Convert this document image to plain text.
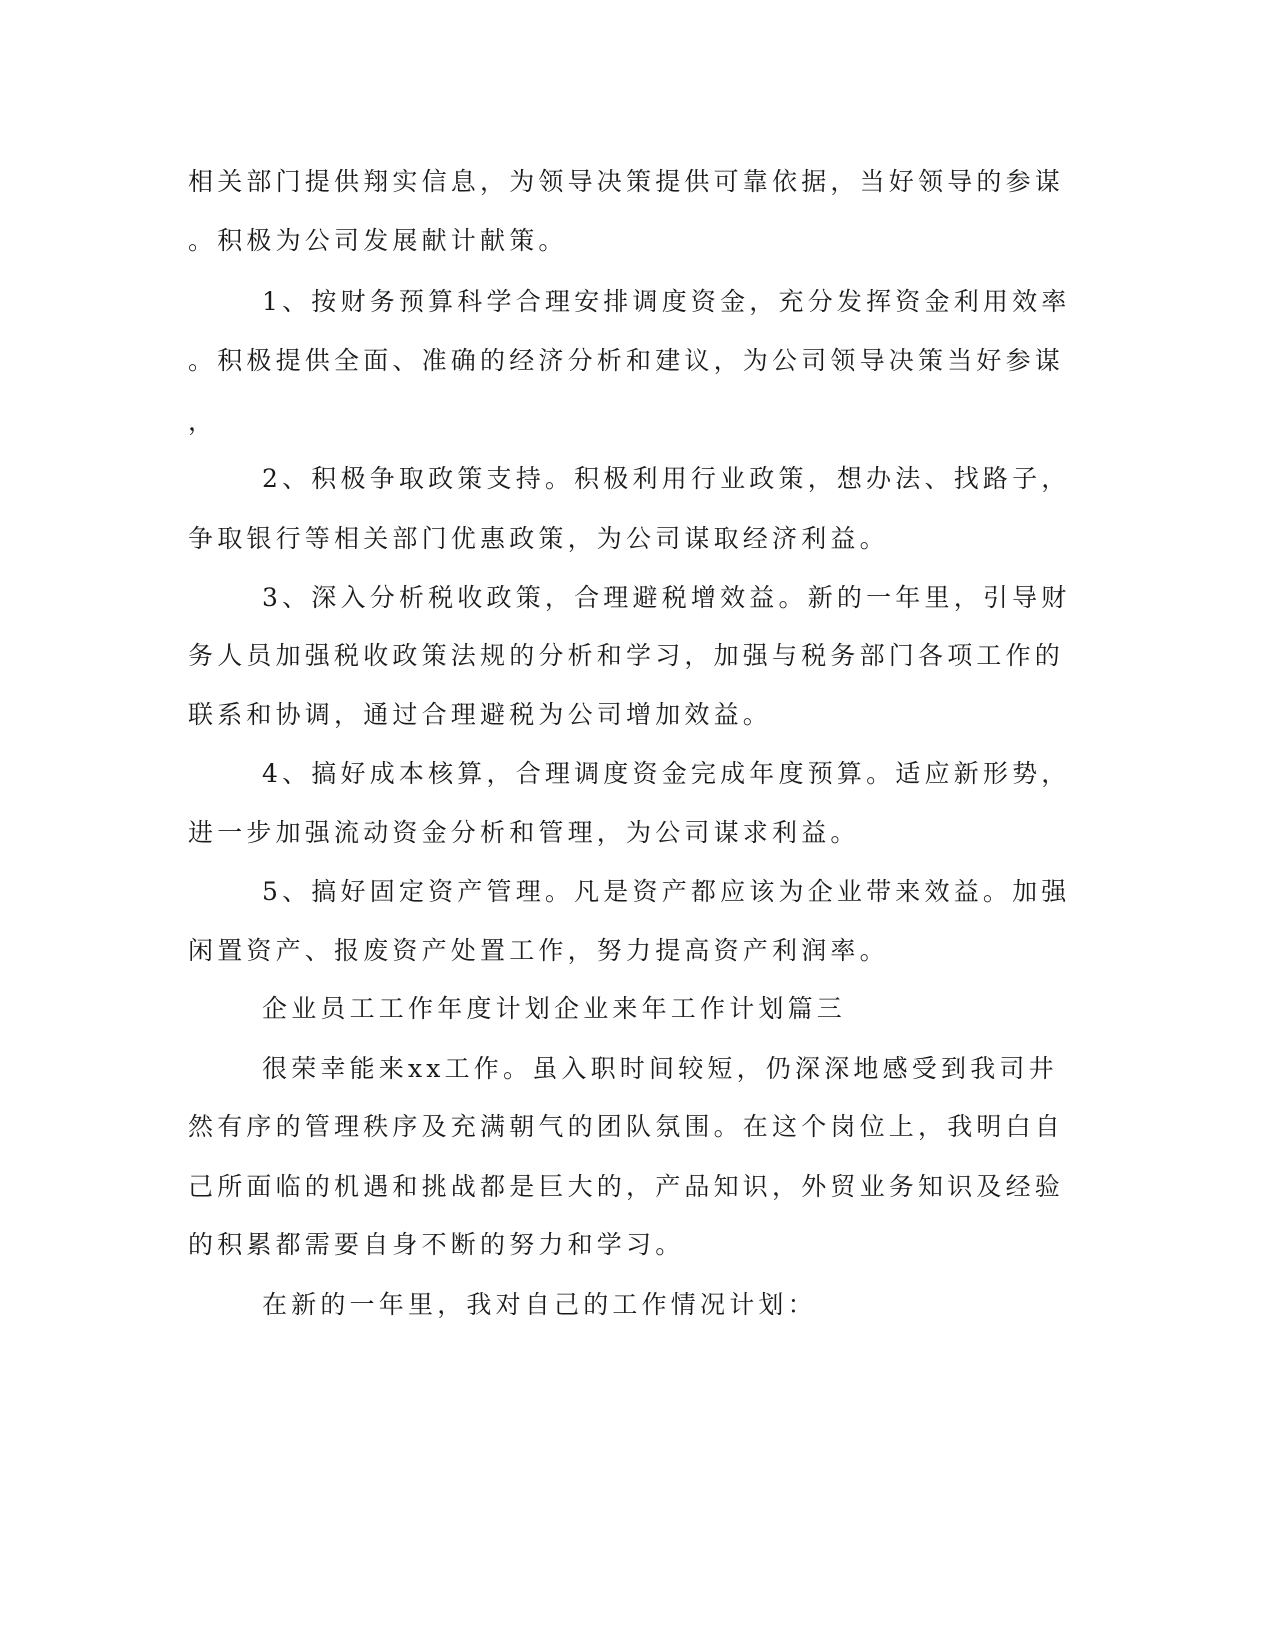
相关部门提供翔实信息，为领导决策提供可靠依据，当好领导的参谋
。积极为公司发展献计献策。
1、按财务预算科学合理安排调度资金，充分发挥资金利用效率
。积极提供全面、准确的经济分析和建议，为公司领导决策当好参谋
，
2、积极争取政策支持。积极利用行业政策，想办法、找路子，
争取银行等相关部门优惠政策，为公司谋取经济利益。
3、深入分析税收政策，合理避税增效益。新的一年里，引导财
务人员加强税收政策法规的分析和学习，加强与税务部门各项工作的
联系和协调，通过合理避税为公司增加效益。
4、搞好成本核算，合理调度资金完成年度预算。适应新形势，
进一步加强流动资金分析和管理，为公司谋求利益。
5、搞好固定资产管理。凡是资产都应该为企业带来效益。加强
闲置资产、报废资产处置工作，努力提高资产利润率。
企业员工工作年度计划企业来年工作计划篇三
很荣幸能来xx工作。虽入职时间较短，仍深深地感受到我司井
然有序的管理秩序及充满朝气的团队氛围。在这个岗位上，我明白自
己所面临的机遇和挑战都是巨大的，产品知识，外贸业务知识及经验
的积累都需要自身不断的努力和学习。
在新的一年里，我对自己的工作情况计划：
